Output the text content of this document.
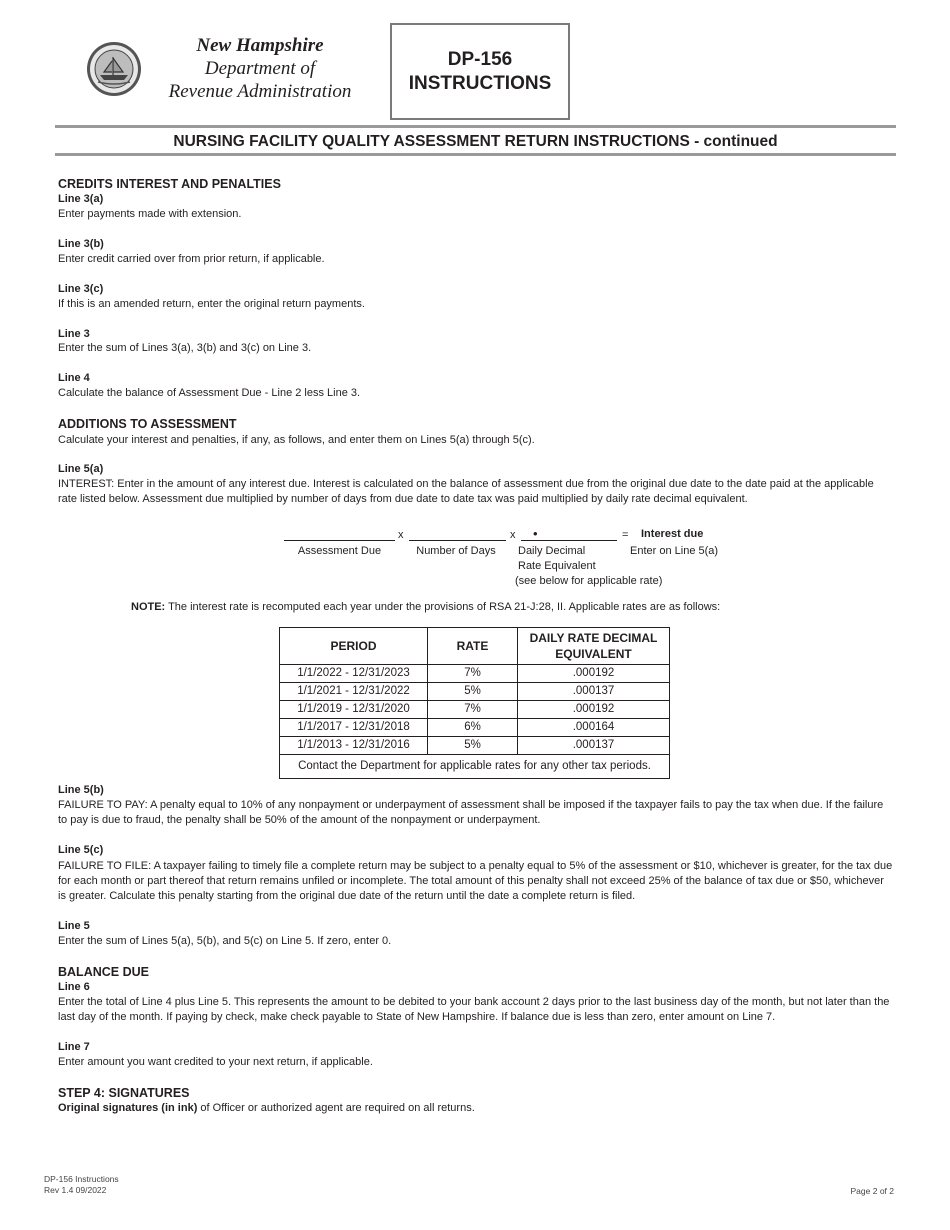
New Hampshire
Department of
Revenue Administration
DP-156
INSTRUCTIONS
NURSING FACILITY QUALITY ASSESSMENT RETURN INSTRUCTIONS - continued
CREDITS INTEREST AND PENALTIES
Line 3(a)
Enter payments made with extension.
Line 3(b)
Enter credit carried over from prior return, if applicable.
Line 3(c)
If this is an amended return, enter the original return payments.
Line 3
Enter the sum of Lines 3(a), 3(b) and 3(c) on Line 3.
Line 4
Calculate the balance of Assessment Due - Line 2 less Line 3.
ADDITIONS TO ASSESSMENT
Calculate your interest and penalties, if any, as follows, and enter them on Lines 5(a) through 5(c).
Line 5(a)
INTEREST: Enter in the amount of any interest due. Interest is calculated on the balance of assessment due from the original due date to the date paid at the applicable rate listed below. Assessment due multiplied by number of days from due date to date tax was paid multiplied by daily rate decimal equivalent.
x	x •	= Interest due
Assessment Due	Number of Days	Daily Decimal
Rate Equivalent
(see below for applicable rate)
Enter on Line 5(a)
NOTE: The interest rate is recomputed each year under the provisions of RSA 21-J:28, II. Applicable rates are as follows:
PERIOD	RATE	DAILY RATE DECIMAL EQUIVALENT
1/1/2022 - 12/31/2023	7%	.000192
1/1/2021 - 12/31/2022	5%	.000137
1/1/2019 - 12/31/2020	7%	.000192
1/1/2017 - 12/31/2018	6%	.000164
1/1/2013 - 12/31/2016	5%	.000137
Contact the Department for applicable rates for any other tax periods.		
Line 5(b)
FAILURE TO PAY: A penalty equal to 10% of any nonpayment or underpayment of assessment shall be imposed if the taxpayer fails to pay the tax when due. If the failure to pay is due to fraud, the penalty shall be 50% of the amount of the nonpayment or underpayment.
Line 5(c)
FAILURE TO FILE: A taxpayer failing to timely file a complete return may be subject to a penalty equal to 5% of the assessment or $10, whichever is greater, for the tax due for each month or part thereof that return remains unfiled or incomplete. The total amount of this penalty shall not exceed 25% of the balance of tax due or $50, whichever is greater. Calculate this penalty starting from the original due date of the return until the date a complete return is filed.
Line 5
Enter the sum of Lines 5(a), 5(b), and 5(c) on Line 5. If zero, enter 0.
BALANCE DUE
Line 6
Enter the total of Line 4 plus Line 5. This represents the amount to be debited to your bank account 2 days prior to the last business day of the month, but not later than the last day of the month. If paying by check, make check payable to State of New Hampshire. If balance due is less than zero, enter amount on Line 7.
Line 7
Enter amount you want credited to your next return, if applicable.
STEP 4: SIGNATURES
Original signatures (in ink) of Officer or authorized agent are required on all returns.
DP-156 Instructions
Rev 1.4 09/2022	Page 2 of 2
